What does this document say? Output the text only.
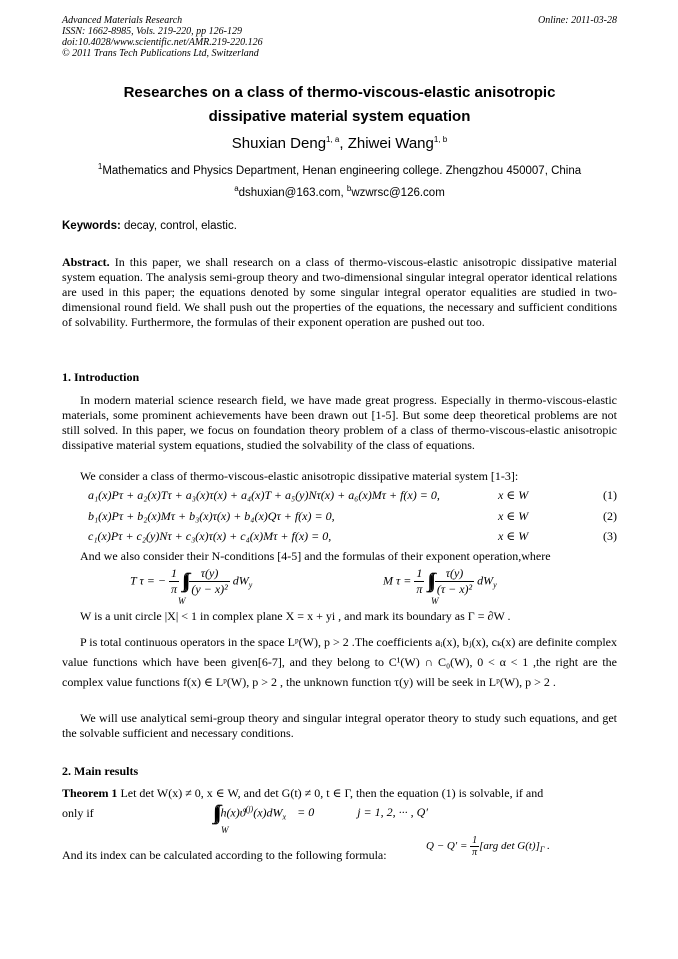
Advanced Materials Research
ISSN: 1662-8985, Vols. 219-220, pp 126-129
doi:10.4028/www.scientific.net/AMR.219-220.126
© 2011 Trans Tech Publications Ltd, Switzerland
Online: 2011-03-28
Researches on a class of thermo-viscous-elastic anisotropic
dissipative material system equation
Shuxian Deng$^{1, a}$, Zhiwei Wang$^{1, b}$
$^1$Mathematics and Physics Department, Henan engineering college. Zhengzhou 450007, China
$^a$dshuxian@163.com, $^b$wzwrsc@126.com
Keywords: decay, control, elastic.
Abstract. In this paper, we shall research on a class of thermo-viscous-elastic anisotropic dissipative material system equation. The analysis semi-group theory and two-dimensional singular integral operator identical relations are used in this paper; the equations denoted by some singular integral operator equalities are studied in two-dimensional round field. We shall push out the properties of the equations, the necessary and sufficient conditions of solvability. Furthermore, the formulas of their exponent operation are pushed out too.
1. Introduction
In modern material science research field, we have made great progress. Especially in thermo-viscous-elastic materials, some prominent achievements have been drawn out [1-5]. But some deep theoretical problems are not still solved. In this paper, we focus on foundation theory problem of a class of thermo-viscous-elastic anisotropic dissipative material system equations, studied the solvability of the class of equations.
We consider a class of thermo-viscous-elastic anisotropic dissipative material system [1-3]:
a₁(x)Pτ + a₂(x)Tτ + a₃(x)τ(x) + a₄(x)T + a₅(y)Nτ(x) + a₆(x)Mτ + f(x) = 0,	x ∈ W	(1)
b₁(x)Pτ + b₂(x)Mτ + b₃(x)τ(x) + b₄(x)Qτ + f(x) = 0,	x ∈ W	(2)
c₁(x)Pτ + c₂(y)Nτ + c₃(x)τ(x) + c₄(x)Mτ + f(x) = 0,	x ∈ W	(3)
And we also consider their N-conditions [4-5] and the formulas of their exponent operation,where
T τ = − $\frac{1}{\pi}$ ∫∫∫ $\frac{\tau(y)}{\text{(y − x)²}} dW_y$
W
M $\tau = \frac{1}{\pi}$ ∫∫∫ $\frac{\tau(y)}{\text{(τ − x)²}} dW_y$
W
W is a unit circle |X| < 1 in complex plane X = x + yi , and mark its boundary as Γ = ∂W .
P is total continuous operators in the space Lᵖ(W), p > 2 .The coefficients aᵢ(x), bⱼ(x), cₖ(x) are definite complex value functions which have been given[6-7], and they belong to C¹(W) ∩ C₀(W), 0 < α < 1 ,the right are the complex value functions f(x) ∈ Lᵖ(W), p > 2 , the unknown function τ(y) will be seek in Lᵖ(W), p > 2 .
We will use analytical semi-group theory and singular integral operator theory to study such equations, and get the solvable sufficient and necessary conditions.
2. Main results
Theorem 1 Let det W(x) ≠ 0, x ∈ W, and det G(t) ≠ 0, t ∈ Γ, then the equation (1) is solvable, if and
only if	∫∫∫ $h(x)ϑ^{(j)}(x)dW_x = 0$	j = 1, 2, ··· , Q′
W
And its index can be calculated according to the following formula:
$Q - Q' = \frac{1}{\pi} [arg$ $\det G(t)]_\Gamma$ .
